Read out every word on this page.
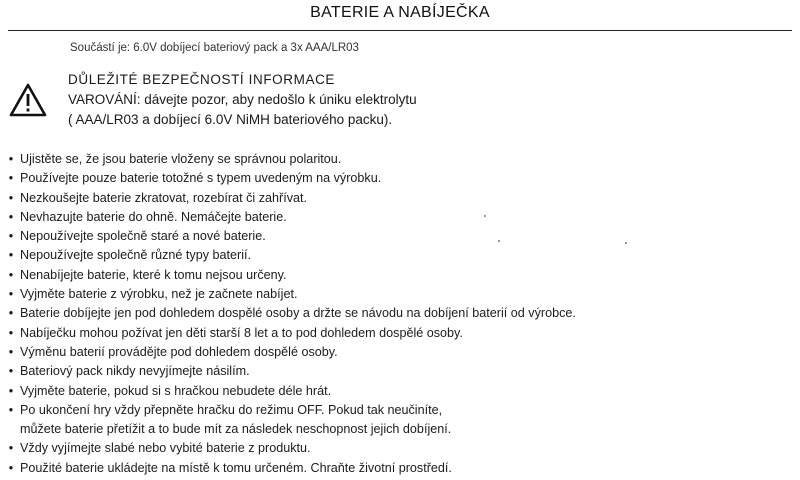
BATERIE A NABÍJEČKA
Součástí je: 6.0V dobíjecí bateriový pack a 3x AAA/LR03
DŮLEŽITÉ BEZPEČNOSTÍ INFORMACE
VAROVÁNÍ: dávejte pozor, aby nedošlo k úniku elektrolytu
( AAA/LR03 a dobíjecí 6.0V NiMH bateriového packu).
• Ujistěte se, že jsou baterie vloženy se správnou polaritou.
• Používejte pouze baterie totožné s typem uvedeným na výrobku.
• Nezkoušejte baterie zkratovat, rozebírat či zahřívat.
• Nevhazujte baterie do ohně. Nemáčejte baterie.
• Nepoužívejte společně staré a nové baterie.
• Nepoužívejte společně různé typy baterií.
• Nenabíjejte baterie, které k tomu nejsou určeny.
• Vyjměte baterie z výrobku, než je začnete nabíjet.
• Baterie dobíjejte jen pod dohledem dospělé osoby a držte se návodu na dobíjení baterií od výrobce.
• Nabíječku mohou požívat jen děti starší 8 let a to pod dohledem dospělé osoby.
• Výměnu baterií provádějte pod dohledem dospělé osoby.
• Bateriový pack nikdy nevyjímejte násilím.
• Vyjměte baterie, pokud si s hračkou nebudete déle hrát.
• Po ukončení hry vždy přepněte hračku do režimu OFF. Pokud tak neučiníte,
můžete baterie přetížit a to bude mít za následek neschopnost jejich dobíjení.
• Vždy vyjímejte slabé nebo vybité baterie z produktu.
• Použité baterie ukládejte na místě k tomu určeném. Chraňte životní prostředí.
